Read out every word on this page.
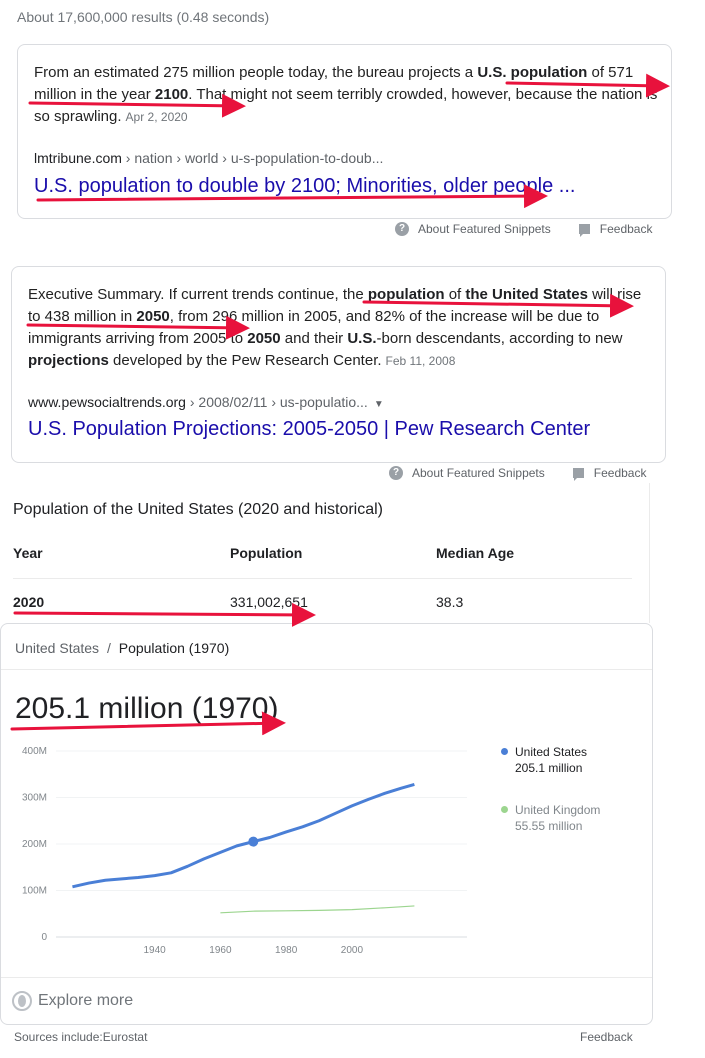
About 17,600,000 results (0.48 seconds)
From an estimated 275 million people today, the bureau projects a U.S. population of 571 million in the year 2100. That might not seem terribly crowded, however, because the nation is so sprawling. Apr 2, 2020
lmtribune.com › nation › world › u-s-population-to-doub...
U.S. population to double by 2100; Minorities, older people ...
?	About Featured Snippets	Feedback
Executive Summary. If current trends continue, the population of the United States will rise to 438 million in 2050, from 296 million in 2005, and 82% of the increase will be due to immigrants arriving from 2005 to 2050 and their U.S.-born descendants, according to new projections developed by the Pew Research Center. Feb 11, 2008
www.pewsocialtrends.org › 2008/02/11 › us-populatio... ▼
U.S. Population Projections: 2005-2050 | Pew Research Center
?	About Featured Snippets	Feedback
Population of the United States (2020 and historical)
Year	Population	Median Age
2020	331,002,651	38.3
United States / Population (1970)
205.1 million (1970)
0
100M
200M
300M
400M
1940	1960	1980	2000
United States
205.1 million
United Kingdom
55.55 million
Explore more
Sources include:Eurostat	Feedback
